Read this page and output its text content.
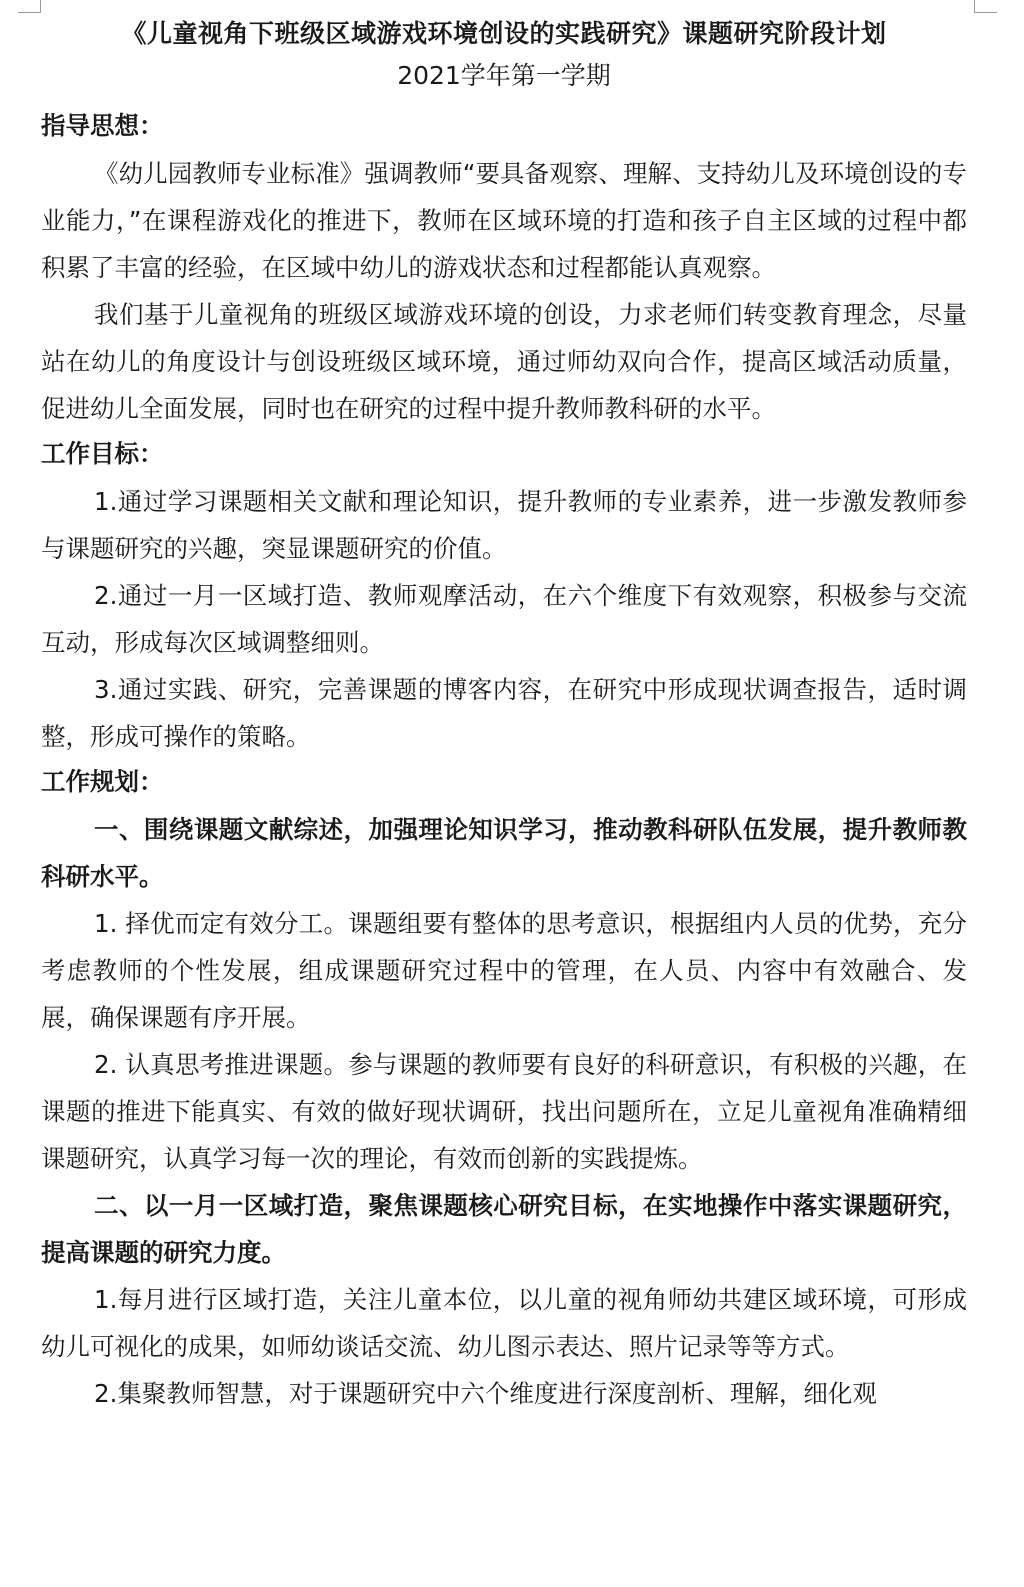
《儿童视角下班级区域游戏环境创设的实践研究》课题研究阶段计划
2021学年第一学期
指导思想：

《幼儿园教师专业标准》强调教师“要具备观察、理解、支持幼儿及环境创设的专业能力，”在课程游戏化的推进下，教师在区域环境的打造和孩子自主区域的过程中都积累了丰富的经验，在区域中幼儿的游戏状态和过程都能认真观察。

我们基于儿童视角的班级区域游戏环境的创设，力求老师们转变教育理念，尽量站在幼儿的角度设计与创设班级区域环境，通过师幼双向合作，提高区域活动质量，促进幼儿全面发展，同时也在研究的过程中提升教师教科研的水平。

工作目标：

1.通过学习课题相关文献和理论知识，提升教师的专业素养，进一步激发教师参与课题研究的兴趣，突显课题研究的价值。

2.通过一月一区域打造、教师观摩活动，在六个维度下有效观察，积极参与交流互动，形成每次区域调整细则。

3.通过实践、研究，完善课题的博客内容，在研究中形成现状调查报告，适时调整，形成可操作的策略。

工作规划：

一、围绕课题文献综述，加强理论知识学习，推动教科研队伍发展，提升教师教科研水平。

1. 择优而定有效分工。课题组要有整体的思考意识，根据组内人员的优势，充分考虑教师的个性发展，组成课题研究过程中的管理，在人员、内容中有效融合、发展，确保课题有序开展。

2. 认真思考推进课题。参与课题的教师要有良好的科研意识，有积极的兴趣，在课题的推进下能真实、有效的做好现状调研，找出问题所在，立足儿童视角准确精细课题研究，认真学习每一次的理论，有效而创新的实践提炼。

二、以一月一区域打造，聚焦课题核心研究目标，在实地操作中落实课题研究，提高课题的研究力度。

1.每月进行区域打造，关注儿童本位，以儿童的视角师幼共建区域环境，可形成幼儿可视化的成果，如师幼谈话交流、幼儿图示表达、照片记录等等方式。

2.集聚教师智慧，对于课题研究中六个维度进行深度剖析、理解，细化观
